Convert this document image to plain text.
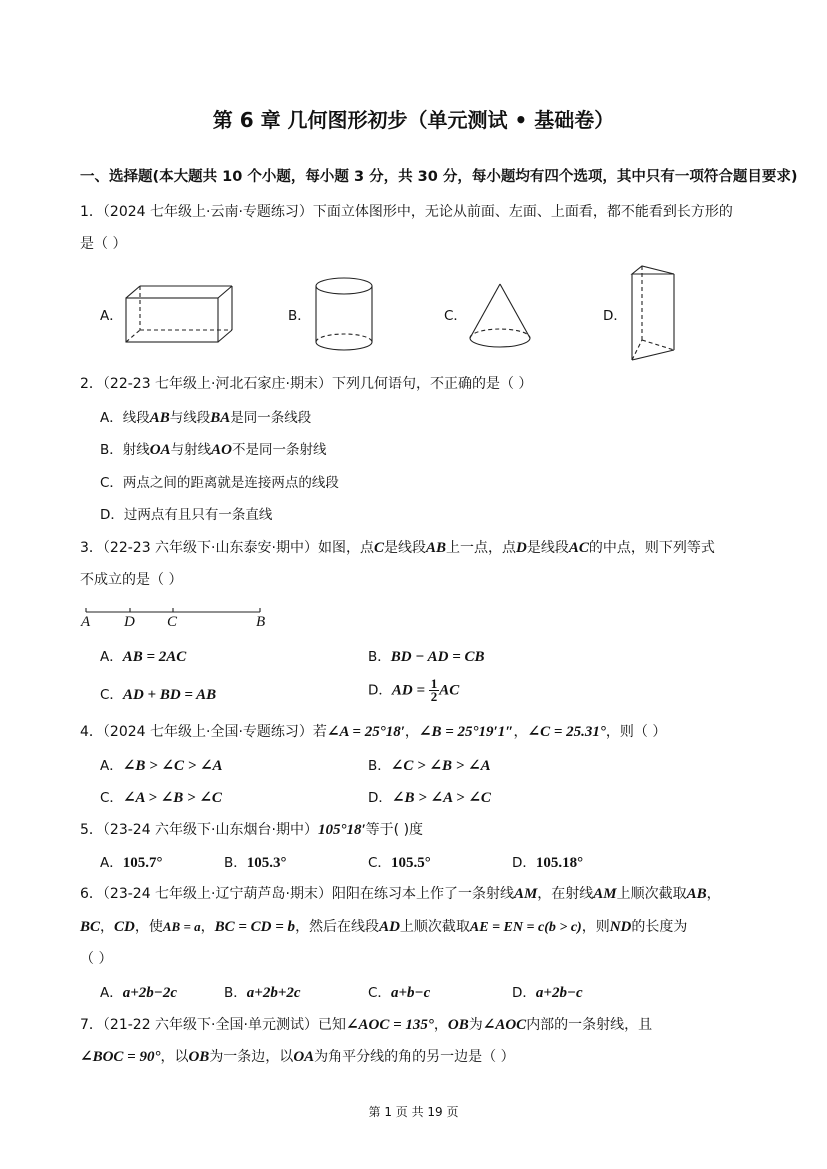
第 6 章 几何图形初步（单元测试 • 基础卷）
一、选择题(本大题共 10 个小题，每小题 3 分，共 30 分，每小题均有四个选项，其中只有一项符合题目要求)
1．（2024 七年级上·云南·专题练习）下面立体图形中，无论从前面、左面、上面看，都不能看到长方形的
是（ ）
A．	B．	C．	D．
2．（22-23 七年级上·河北石家庄·期末）下列几何语句，不正确的是（ ）
A．线段AB与线段BA是同一条线段
B．射线OA与射线AO不是同一条射线
C．两点之间的距离就是连接两点的线段
D．过两点有且只有一条直线
3．（22-23 六年级下·山东泰安·期中）如图，点C是线段AB上一点，点D是线段AC的中点，则下列等式
不成立的是（ ）
A D C	B
A．AB = 2AC	B．BD − AD = CB
C．AD + BD = AB	D．AD = $\frac{1}{2}$ AC
4．（2024 七年级上·全国·专题练习）若∠A = 25°18′，∠B = 25°19′1″，∠C = 25.31°，则（ ）
A．∠B > ∠C > ∠A	B．∠C > ∠B > ∠A
C．∠A > ∠B > ∠C	D．∠B > ∠A > ∠C
5．（23-24 六年级下·山东烟台·期中）105°18′等于( )度
A．105.7°	B．105.3°	C．105.5°	D．105.18°
6．（23-24 七年级上·辽宁葫芦岛·期末）阳阳在练习本上作了一条射线AM，在射线AM上顺次截取AB，
BC，CD，使AB = a，BC = CD = b，然后在线段AD上顺次截取AE = EN = c(b > c)，则ND的长度为
（ ）
A．a+2b−2c	B．a+2b+2c	C．a+b−c	D．a+2b−c
7．（21-22 六年级下·全国·单元测试）已知∠AOC = 135°，OB为∠AOC内部的一条射线，且
∠BOC = 90°，以OB为一条边，以OA为角平分线的角的另一边是（ ）
第 1 页 共 19 页
